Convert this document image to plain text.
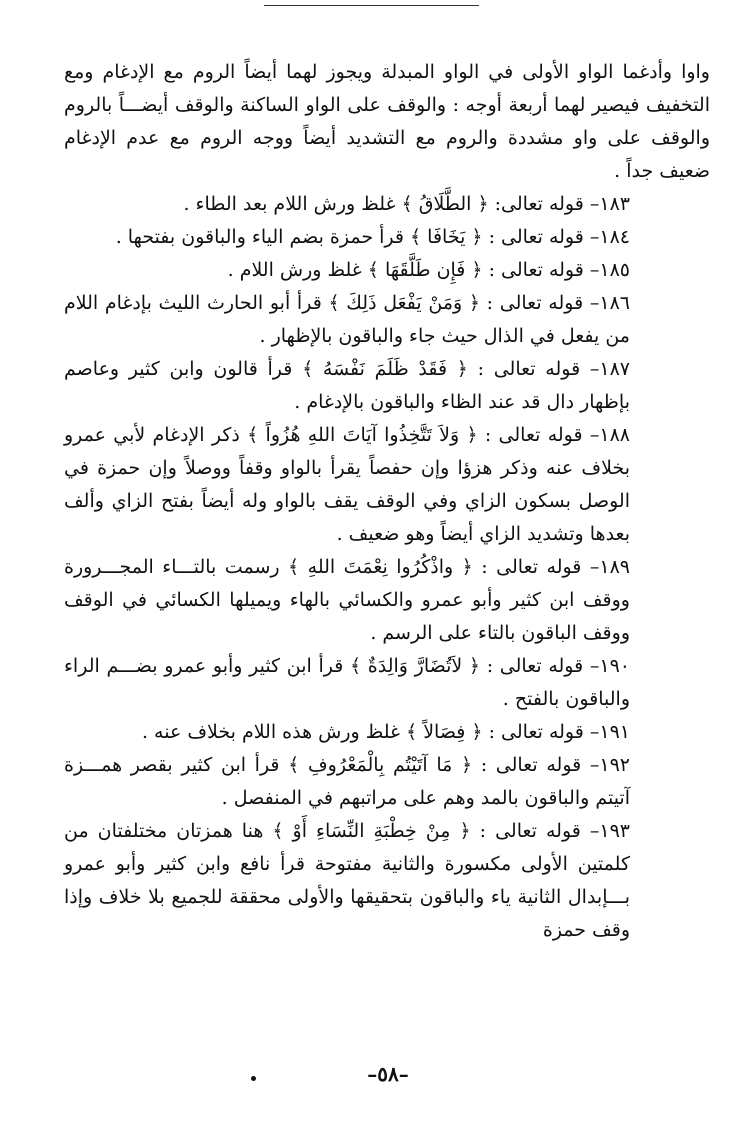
واوا وأدغما الواو الأولى في الواو المبدلة ويجوز لهما أيضاً الروم مع الإدغام ومع التخفيف فيصير لهما أربعة أوجه : والوقف على الواو الساكنة والوقف أيضـــاً بالروم والوقف على واو مشددة والروم مع التشديد أيضاً ووجه الروم مع عدم الإدغام ضعيف جداً .

١٨٣– قوله تعالى: ﴿ الطَّلَاقُ ﴾ غلظ ورش اللام بعد الطاء .

١٨٤– قوله تعالى : ﴿ يَخَافَا ﴾ قرأ حمزة بضم الياء والباقون بفتحها .

١٨٥– قوله تعالى : ﴿ فَإِن طَلَّقَهَا ﴾ غلظ ورش اللام .

١٨٦– قوله تعالى : ﴿ وَمَنْ يَفْعَل ذَلِكَ ﴾ قرأ أبو الحارث الليث بإدغام اللام من يفعل في الذال حيث جاء والباقون بالإظهار .

١٨٧– قوله تعالى : ﴿ فَقَدْ ظَلَمَ نَفْسَهُ ﴾ قرأ قالون وابن كثير وعاصم بإظهار دال قد عند الظاء والباقون بالإدغام .

١٨٨– قوله تعالى : ﴿ وَلاَ تَتَّخِذُوا آيَاتَ اللهِ هُزُواً ﴾ ذكر الإدغام لأبي عمرو بخلاف عنه وذكر هزؤا وإن حفصاً يقرأ بالواو وقفاً ووصلاً وإن حمزة في الوصل بسكون الزاي وفي الوقف يقف بالواو وله أيضاً بفتح الزاي وألف بعدها وتشديد الزاي أيضاً وهو ضعيف .

١٨٩– قوله تعالى : ﴿ واذْكُرُوا نِعْمَتَ اللهِ ﴾ رسمت بالتـــاء المجـــرورة ووقف ابن كثير وأبو عمرو والكسائي بالهاء ويميلها الكسائي في الوقف ووقف الباقون بالتاء على الرسم .

١٩٠– قوله تعالى : ﴿ لاَتُضَارَّ وَالِدَةٌ ﴾ قرأ ابن كثير وأبو عمرو بضـــم الراء والباقون بالفتح .

١٩١– قوله تعالى : ﴿ فِصَالاً ﴾ غلظ ورش هذه اللام بخلاف عنه .

١٩٢– قوله تعالى : ﴿ مَا آتَيْتُم بِالْمَعْرُوفِ ﴾ قرأ ابن كثير بقصر همـــزة آتيتم والباقون بالمد وهم على مراتبهم في المنفصل .

١٩٣– قوله تعالى : ﴿ مِنْ خِطْبَةِ النِّسَاءِ أَوْ ﴾ هنا همزتان مختلفتان من كلمتين الأولى مكسورة والثانية مفتوحة قرأ نافع وابن كثير وأبو عمرو بـــإبدال الثانية ياء والباقون بتحقيقها والأولى محققة للجميع بلا خلاف وإذا وقف حمزة

–٥٨–
